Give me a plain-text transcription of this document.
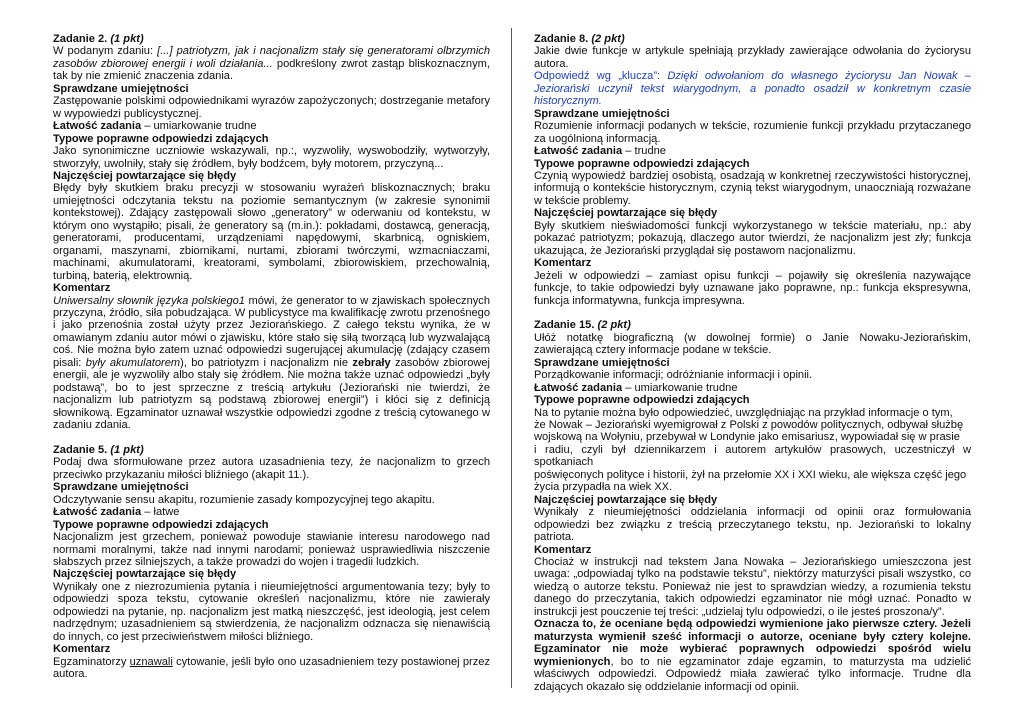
Zadanie 2. (1 pkt)

W podanym zdaniu: [...] patriotyzm, jak i nacjonalizm stały się generatorami olbrzymich zasobów zbiorowej energii i woli działania... podkreślony zwrot zastąp bliskoznacznym, tak by nie zmienić znaczenia zdania.

Sprawdzane umiejętności

Zastępowanie polskimi odpowiednikami wyrazów zapożyczonych; dostrzeganie metafory w wypowiedzi publicystycznej.

Łatwość zadania – umiarkowanie trudne

Typowe poprawne odpowiedzi zdających

Jako synonimiczne uczniowie wskazywali, np.:, wyzwoliły, wyswobodziły, wytworzyły, stworzyły, uwolniły, stały się źródłem, były bodźcem, były motorem, przyczyną...

Najczęściej powtarzające się błędy

Błędy były skutkiem braku precyzji w stosowaniu wyrażeń bliskoznacznych; braku umiejętności odczytania tekstu na poziomie semantycznym (w zakresie synonimii kontekstowej). Zdający zastępowali słowo „generatory” w oderwaniu od kontekstu, w którym ono wystąpiło; pisali, że generatory są (m.in.): pokładami, dostawcą, generacją, generatorami, producentami, urządzeniami napędowymi, skarbnicą, ogniskiem, organami, maszynami, zbiornikami, nurtami, zbiorami twórczymi, wzmacniaczami, machinami, akumulatorami, kreatorami, symbolami, zbiorowiskiem, przechowalnią, turbiną, baterią, elektrownią.

Komentarz

Uniwersalny słownik języka polskiego1 mówi, że generator to w zjawiskach społecznych przyczyna, źródło, siła pobudzająca. W publicystyce ma kwalifikację zwrotu przenośnego i jako przenośnia został użyty przez Jeziorańskiego. Z całego tekstu wynika, że w omawianym zdaniu autor mówi o zjawisku, które stało się siłą tworzącą lub wyzwalającą coś. Nie można było zatem uznać odpowiedzi sugerującej akumulację (zdający czasem pisali: były akumulatorem), bo patriotyzm i nacjonalizm nie zebrały zasobów zbiorowej energii, ale je wyzwoliły albo stały się źródłem. Nie można także uznać odpowiedzi „były podstawą”, bo to jest sprzeczne z treścią artykułu (Jeziorański nie twierdzi, że nacjonalizm lub patriotyzm są podstawą zbiorowej energii”) i kłóci się z definicją słownikową. Egzaminator uznawał wszystkie odpowiedzi zgodne z treścią cytowanego w zadaniu zdania.

Zadanie 5. (1 pkt)

Podaj dwa sformułowane przez autora uzasadnienia tezy, że nacjonalizm to grzech przeciwko przykazaniu miłości bliźniego (akapit 11.).

Sprawdzane umiejętności

Odczytywanie sensu akapitu, rozumienie zasady kompozycyjnej tego akapitu.

Łatwość zadania – łatwe

Typowe poprawne odpowiedzi zdających

Nacjonalizm jest grzechem, ponieważ powoduje stawianie interesu narodowego nad normami moralnymi, także nad innymi narodami; ponieważ usprawiedliwia niszczenie słabszych przez silniejszych, a także prowadzi do wojen i tragedii ludzkich.

Najczęściej powtarzające się błędy

Wynikały one z niezrozumienia pytania i nieumiejętności argumentowania tezy; były to odpowiedzi spoza tekstu, cytowanie określeń nacjonalizmu, które nie zawierały odpowiedzi na pytanie, np. nacjonalizm jest matką nieszczęść, jest ideologią, jest celem nadrzędnym; uzasadnieniem są stwierdzenia, że nacjonalizm odznacza się nienawiścią do innych, co jest przeciwieństwem miłości bliźniego.

Komentarz

Egzaminatorzy uznawali cytowanie, jeśli było ono uzasadnieniem tezy postawionej przez autora.

Zadanie 8. (2 pkt)

Jakie dwie funkcje w artykule spełniają przykłady zawierające odwołania do życiorysu autora.

Odpowiedź wg „klucza”: Dzięki odwołaniom do własnego życiorysu Jan Nowak – Jeziorański uczynił tekst wiarygodnym, a ponadto osadził w konkretnym czasie historycznym.

Sprawdzane umiejętności

Rozumienie informacji podanych w tekście, rozumienie funkcji przykładu przytaczanego za uogólnioną informacją.

Łatwość zadania – trudne

Typowe poprawne odpowiedzi zdających

Czynią wypowiedź bardziej osobistą, osadzają w konkretnej rzeczywistości historycznej, informują o kontekście historycznym, czynią tekst wiarygodnym, unaoczniają rozważane w tekście problemy.

Najczęściej powtarzające się błędy

Były skutkiem nieświadomości funkcji wykorzystanego w tekście materiału, np.: aby pokazać patriotyzm; pokazują, dlaczego autor twierdzi, że nacjonalizm jest zły; funkcja ukazująca, że Jeziorański przyglądał się postawom nacjonalizmu.

Komentarz

Jeżeli w odpowiedzi – zamiast opisu funkcji – pojawiły się określenia nazywające funkcje, to takie odpowiedzi były uznawane jako poprawne, np.: funkcja ekspresywna, funkcja informatywna, funkcja impresywna.

Zadanie 15. (2 pkt)

Ułóż notatkę biograficzną (w dowolnej formie) o Janie Nowaku-Jeziorańskim, zawierającą cztery informacje podane w tekście.

Sprawdzane umiejętności

Porządkowanie informacji; odróżnianie informacji i opinii.

Łatwość zadania – umiarkowanie trudne

Typowe poprawne odpowiedzi zdających

Na to pytanie można było odpowiedzieć, uwzględniając na przykład informacje o tym,

że Nowak – Jeziorański wyemigrował z Polski z powodów politycznych, odbywał służbę wojskową na Wołyniu, przebywał w Londynie jako emisariusz, wypowiadał się w prasie

i radiu, czyli był dziennikarzem i autorem artykułów prasowych, uczestniczył w spotkaniach

poświęconych polityce i historii, żył na przełomie XX i XXI wieku, ale większa część jego życia przypadła na wiek XX.

Najczęściej powtarzające się błędy

Wynikały z nieumiejętności oddzielania informacji od opinii oraz formułowania odpowiedzi bez związku z treścią przeczytanego tekstu, np. Jeziorański to lokalny patriota.

Komentarz

Chociaż w instrukcji nad tekstem Jana Nowaka – Jeziorańskiego umieszczona jest uwaga: „odpowiadaj tylko na podstawie tekstu”, niektórzy maturzyści pisali wszystko, co wiedzą o autorze tekstu. Ponieważ nie jest to sprawdzian wiedzy, a rozumienia tekstu danego do przeczytania, takich odpowiedzi egzaminator nie mógł uznać. Ponadto w instrukcji jest pouczenie tej treści: „udzielaj tylu odpowiedzi, o ile jesteś proszona/y”.

Oznacza to, że oceniane będą odpowiedzi wymienione jako pierwsze cztery. Jeżeli maturzysta wymienił sześć informacji o autorze, oceniane były cztery kolejne. Egzaminator nie może wybierać poprawnych odpowiedzi spośród wielu wymienionych, bo to nie egzaminator zdaje egzamin, to maturzysta ma udzielić właściwych odpowiedzi. Odpowiedź miała zawierać tylko informacje. Trudne dla zdających okazało się oddzielanie informacji od opinii.
